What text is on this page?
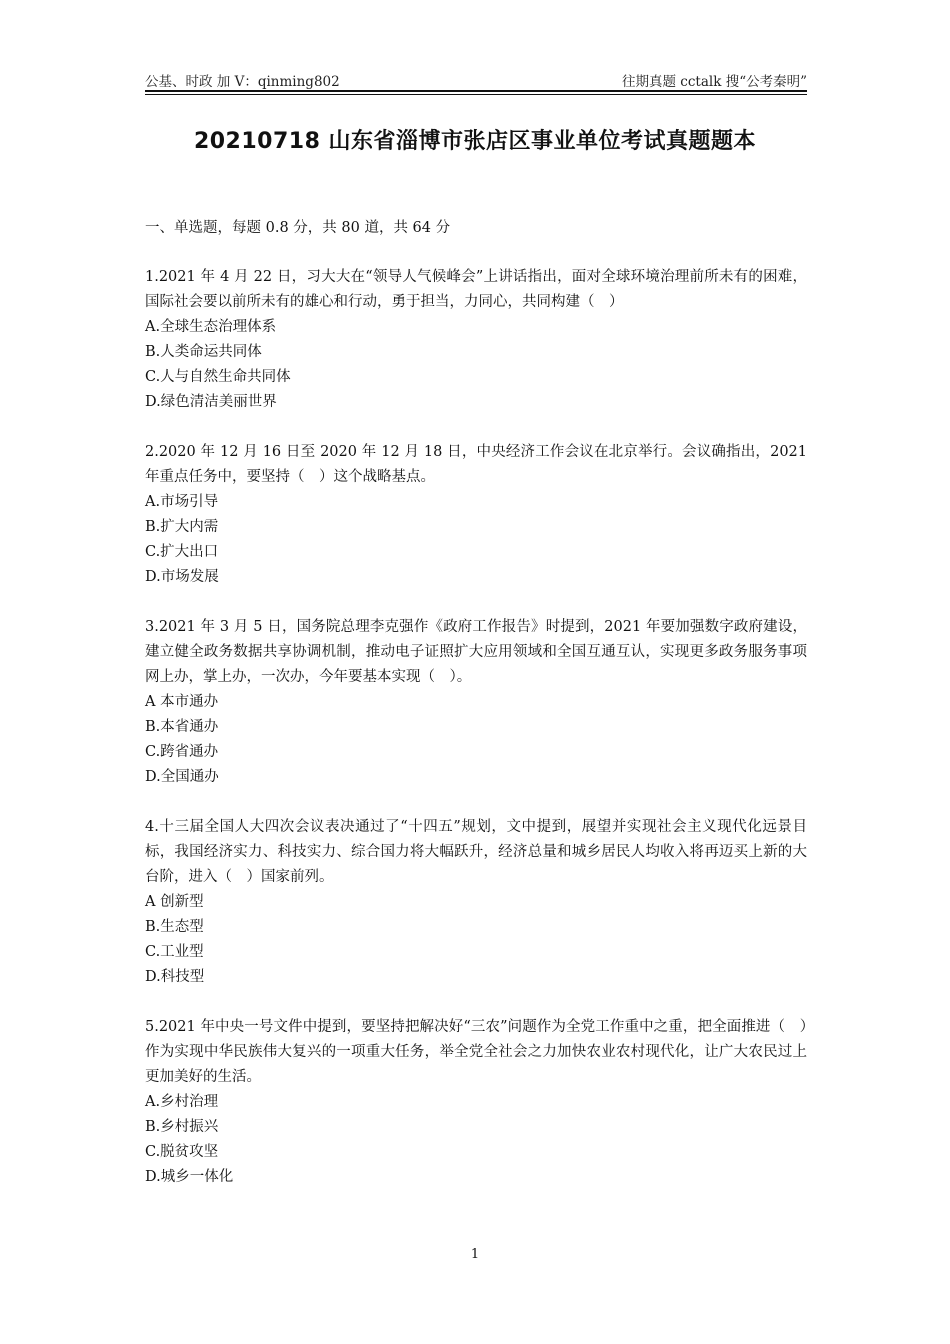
公基、时政 加 V：qinming802	往期真题 cctalk 搜“公考秦明”
20210718 山东省淄博市张店区事业单位考试真题题本
一、单选题，每题 0.8 分，共 80 道，共 64 分
1.2021 年 4 月 22 日，习大大在“领导人气候峰会”上讲话指出，面对全球环境治理前所未有的困难，国际社会要以前所未有的雄心和行动，勇于担当，力同心，共同构建（　）
A.全球生态治理体系
B.人类命运共同体
C.人与自然生命共同体
D.绿色清洁美丽世界
2.2020 年 12 月 16 日至 2020 年 12 月 18 日，中央经济工作会议在北京举行。会议确指出，2021 年重点任务中，要坚持（　）这个战略基点。
A.市场引导
B.扩大内需
C.扩大出口
D.市场发展
3.2021 年 3 月 5 日，国务院总理李克强作《政府工作报告》时提到，2021 年要加强数字政府建设，建立健全政务数据共享协调机制，推动电子证照扩大应用领域和全国互通互认，实现更多政务服务事项网上办，掌上办，一次办，今年要基本实现（　）。
A 本市通办
B.本省通办
C.跨省通办
D.全国通办
4.十三届全国人大四次会议表决通过了“十四五”规划，文中提到，展望并实现社会主义现代化远景目标，我国经济实力、科技实力、综合国力将大幅跃升，经济总量和城乡居民人均收入将再迈买上新的大台阶，进入（　）国家前列。
A 创新型
B.生态型
C.工业型
D.科技型
5.2021 年中央一号文件中提到，要坚持把解决好“三农”问题作为全党工作重中之重，把全面推进（　）作为实现中华民族伟大复兴的一项重大任务，举全党全社会之力加快农业农村现代化，让广大农民过上更加美好的生活。
A.乡村治理
B.乡村振兴
C.脱贫攻坚
D.城乡一体化
1
